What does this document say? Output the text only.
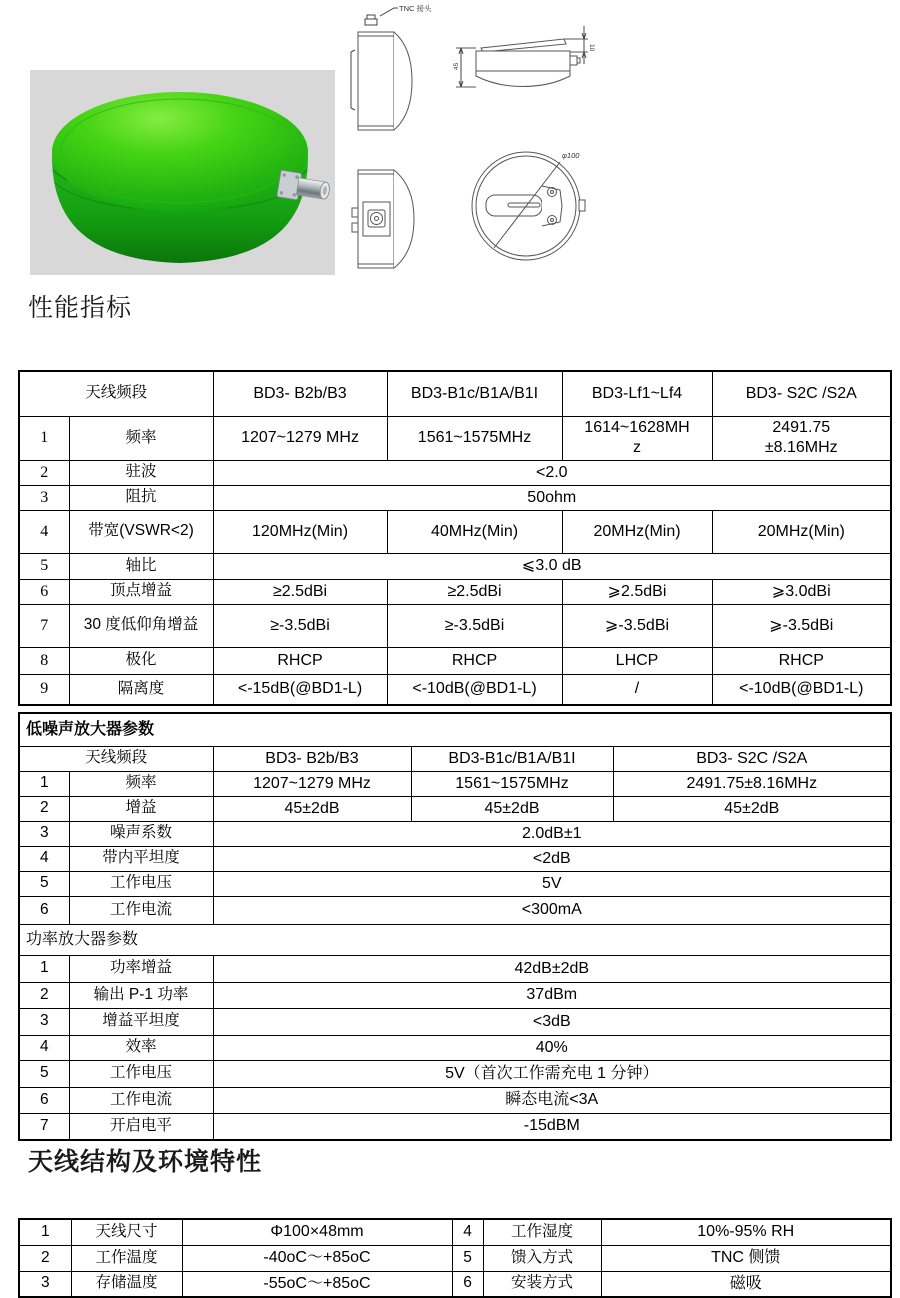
TNC 接头
45
10
φ100
性能指标
天线频段		BD3- B2b/B3	BD3-B1c/B1A/B1I	BD3-Lf1~Lf4	BD3- S2C /S2A
1	频率	1207~1279 MHz	1561~1575MHz	1614~1628MHz	2491.75±8.16MHz
2	驻波	<2.0			
3	阻抗	50ohm			
4	带宽(VSWR<2)	120MHz(Min)	40MHz(Min)	20MHz(Min)	20MHz(Min)
5	轴比	⩽3.0 dB			
6	顶点增益	≥2.5dBi	≥2.5dBi	⩾2.5dBi	⩾3.0dBi
7	30 度低仰角增益	≥-3.5dBi	≥-3.5dBi	⩾-3.5dBi	⩾-3.5dBi
8	极化	RHCP	RHCP	LHCP	RHCP
9	隔离度	<-15dB(@BD1-L)	<-10dB(@BD1-L)	/	<-10dB(@BD1-L)
低噪声放大器参数				
天线频段		BD3- B2b/B3	BD3-B1c/B1A/B1I	BD3- S2C /S2A
1	频率	1207~1279 MHz	1561~1575MHz	2491.75±8.16MHz
2	增益	45±2dB	45±2dB	45±2dB
3	噪声系数	2.0dB±1		
4	带内平坦度	<2dB		
5	工作电压	5V		
6	工作电流	<300mA		
功率放大器参数				
1	功率增益	42dB±2dB		
2	输出 P-1 功率	37dBm		
3	增益平坦度	<3dB		
4	效率	40%		
5	工作电压	5V（首次工作需充电 1 分钟）		
6	工作电流	瞬态电流<3A		
7	开启电平	-15dBM		
天线结构及环境特性
1	天线尺寸	Φ100×48mm	4	工作湿度	10%-95% RH
2	工作温度	-40oC～+85oC	5	馈入方式	TNC 侧馈
3	存储温度	-55oC～+85oC	6	安装方式	磁吸
